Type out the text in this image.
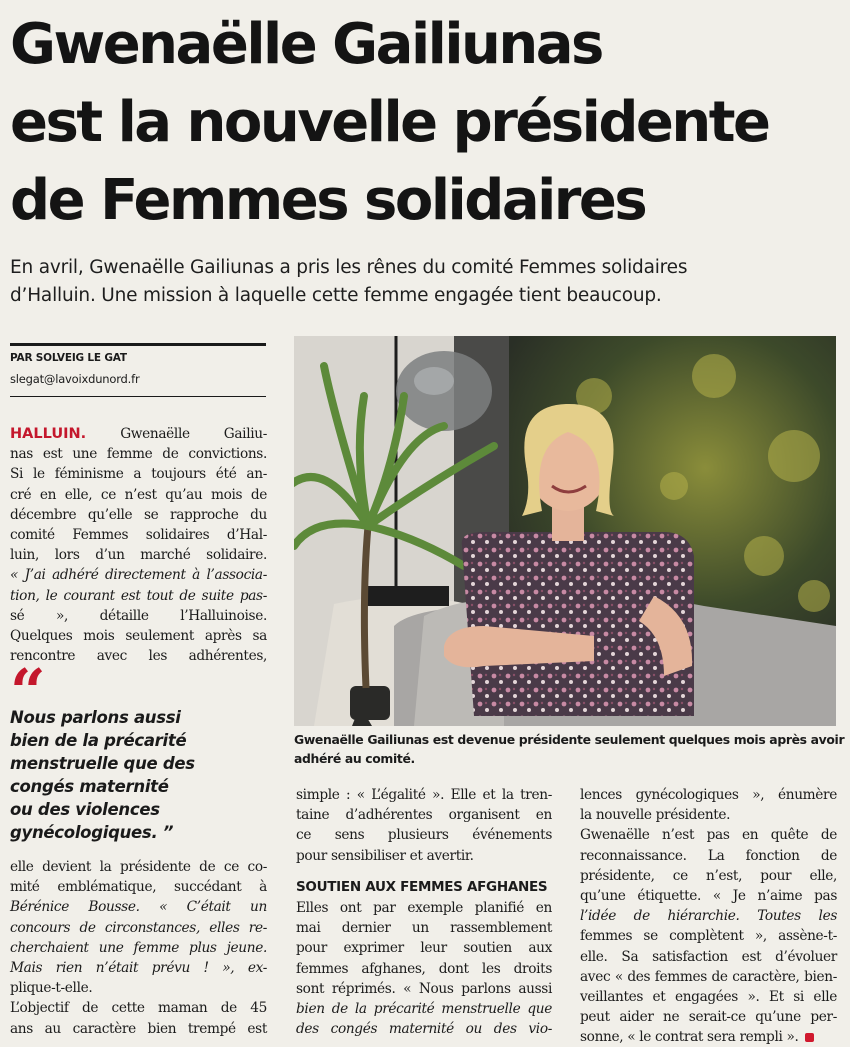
Gwenaëlle Gailiunas
est la nouvelle présidente
de Femmes solidaires

En avril, Gwenaëlle Gailiunas a pris les rênes du comité Femmes solidaires
d’Halluin. Une mission à laquelle cette femme engagée tient beaucoup.

PAR SOLVEIG LE GAT
slegat@lavoixdunord.fr
HALLUIN. Gwenaëlle Gailiu-
nas est une femme de convictions.
Si le féminisme a toujours été an-
cré en elle, ce n’est qu’au mois de
décembre qu’elle se rapproche du
comité Femmes solidaires d’Hal-
luin, lors d’un marché solidaire.
« J’ai adhéré directement à l’associa-
tion, le courant est tout de suite pas-
sé », détaille l’Halluinoise.
Quelques mois seulement après sa
rencontre avec les adhérentes,
“
Nous parlons aussi
bien de la précarité
menstruelle que des
congés maternité
ou des violences
gynécologiques. ”
elle devient la présidente de ce co-
mité emblématique, succédant à
Bérénice Bousse. « C’était un
concours de circonstances, elles re-
cherchaient une femme plus jeune.
Mais rien n’était prévu ! », ex-
plique-t-elle.
L’objectif de cette maman de 45
ans au caractère bien trempé est
Gwenaëlle Gailiunas est devenue présidente seulement quelques mois après avoir
adhéré au comité.
simple : « L’égalité ». Elle et la tren-
taine d’adhérentes organisent en
ce sens plusieurs événements
pour sensibiliser et avertir.
SOUTIEN AUX FEMMES AFGHANES
Elles ont par exemple planifié en
mai dernier un rassemblement
pour exprimer leur soutien aux
femmes afghanes, dont les droits
sont réprimés. « Nous parlons aussi
bien de la précarité menstruelle que
des congés maternité ou des vio-
lences gynécologiques », énumère
la nouvelle présidente.
Gwenaëlle n’est pas en quête de
reconnaissance. La fonction de
présidente, ce n’est, pour elle,
qu’une étiquette. « Je n’aime pas
l’idée de hiérarchie. Toutes les
femmes se complètent », assène-t-
elle. Sa satisfaction est d’évoluer
avec « des femmes de caractère, bien-
veillantes et engagées ». Et si elle
peut aider ne serait-ce qu’une per-
sonne, « le contrat sera rempli ».
